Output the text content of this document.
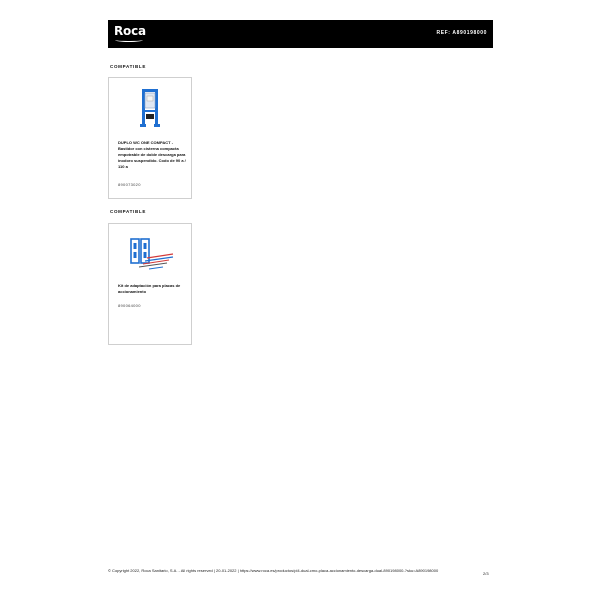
Roca	REF: A890198000
COMPATIBLE
DUPLO WC ONE COMPACT - Bastidor con cisterna compacta empotrable de doble descarga para inodoro suspendido. Codo de 90 a / 110 a
890073020
COMPATIBLE
Kit de adaptación para placas de accionamiento
890064000
© Copyright 2022, Roca Sanitario, S.A. - All rights reserved | 20-01-2022 | https://www.roca.es/productos/pl4-dual-cmo-placa-accionamiento-descarga-dual-890198000-?sku=A890198000
2/3
